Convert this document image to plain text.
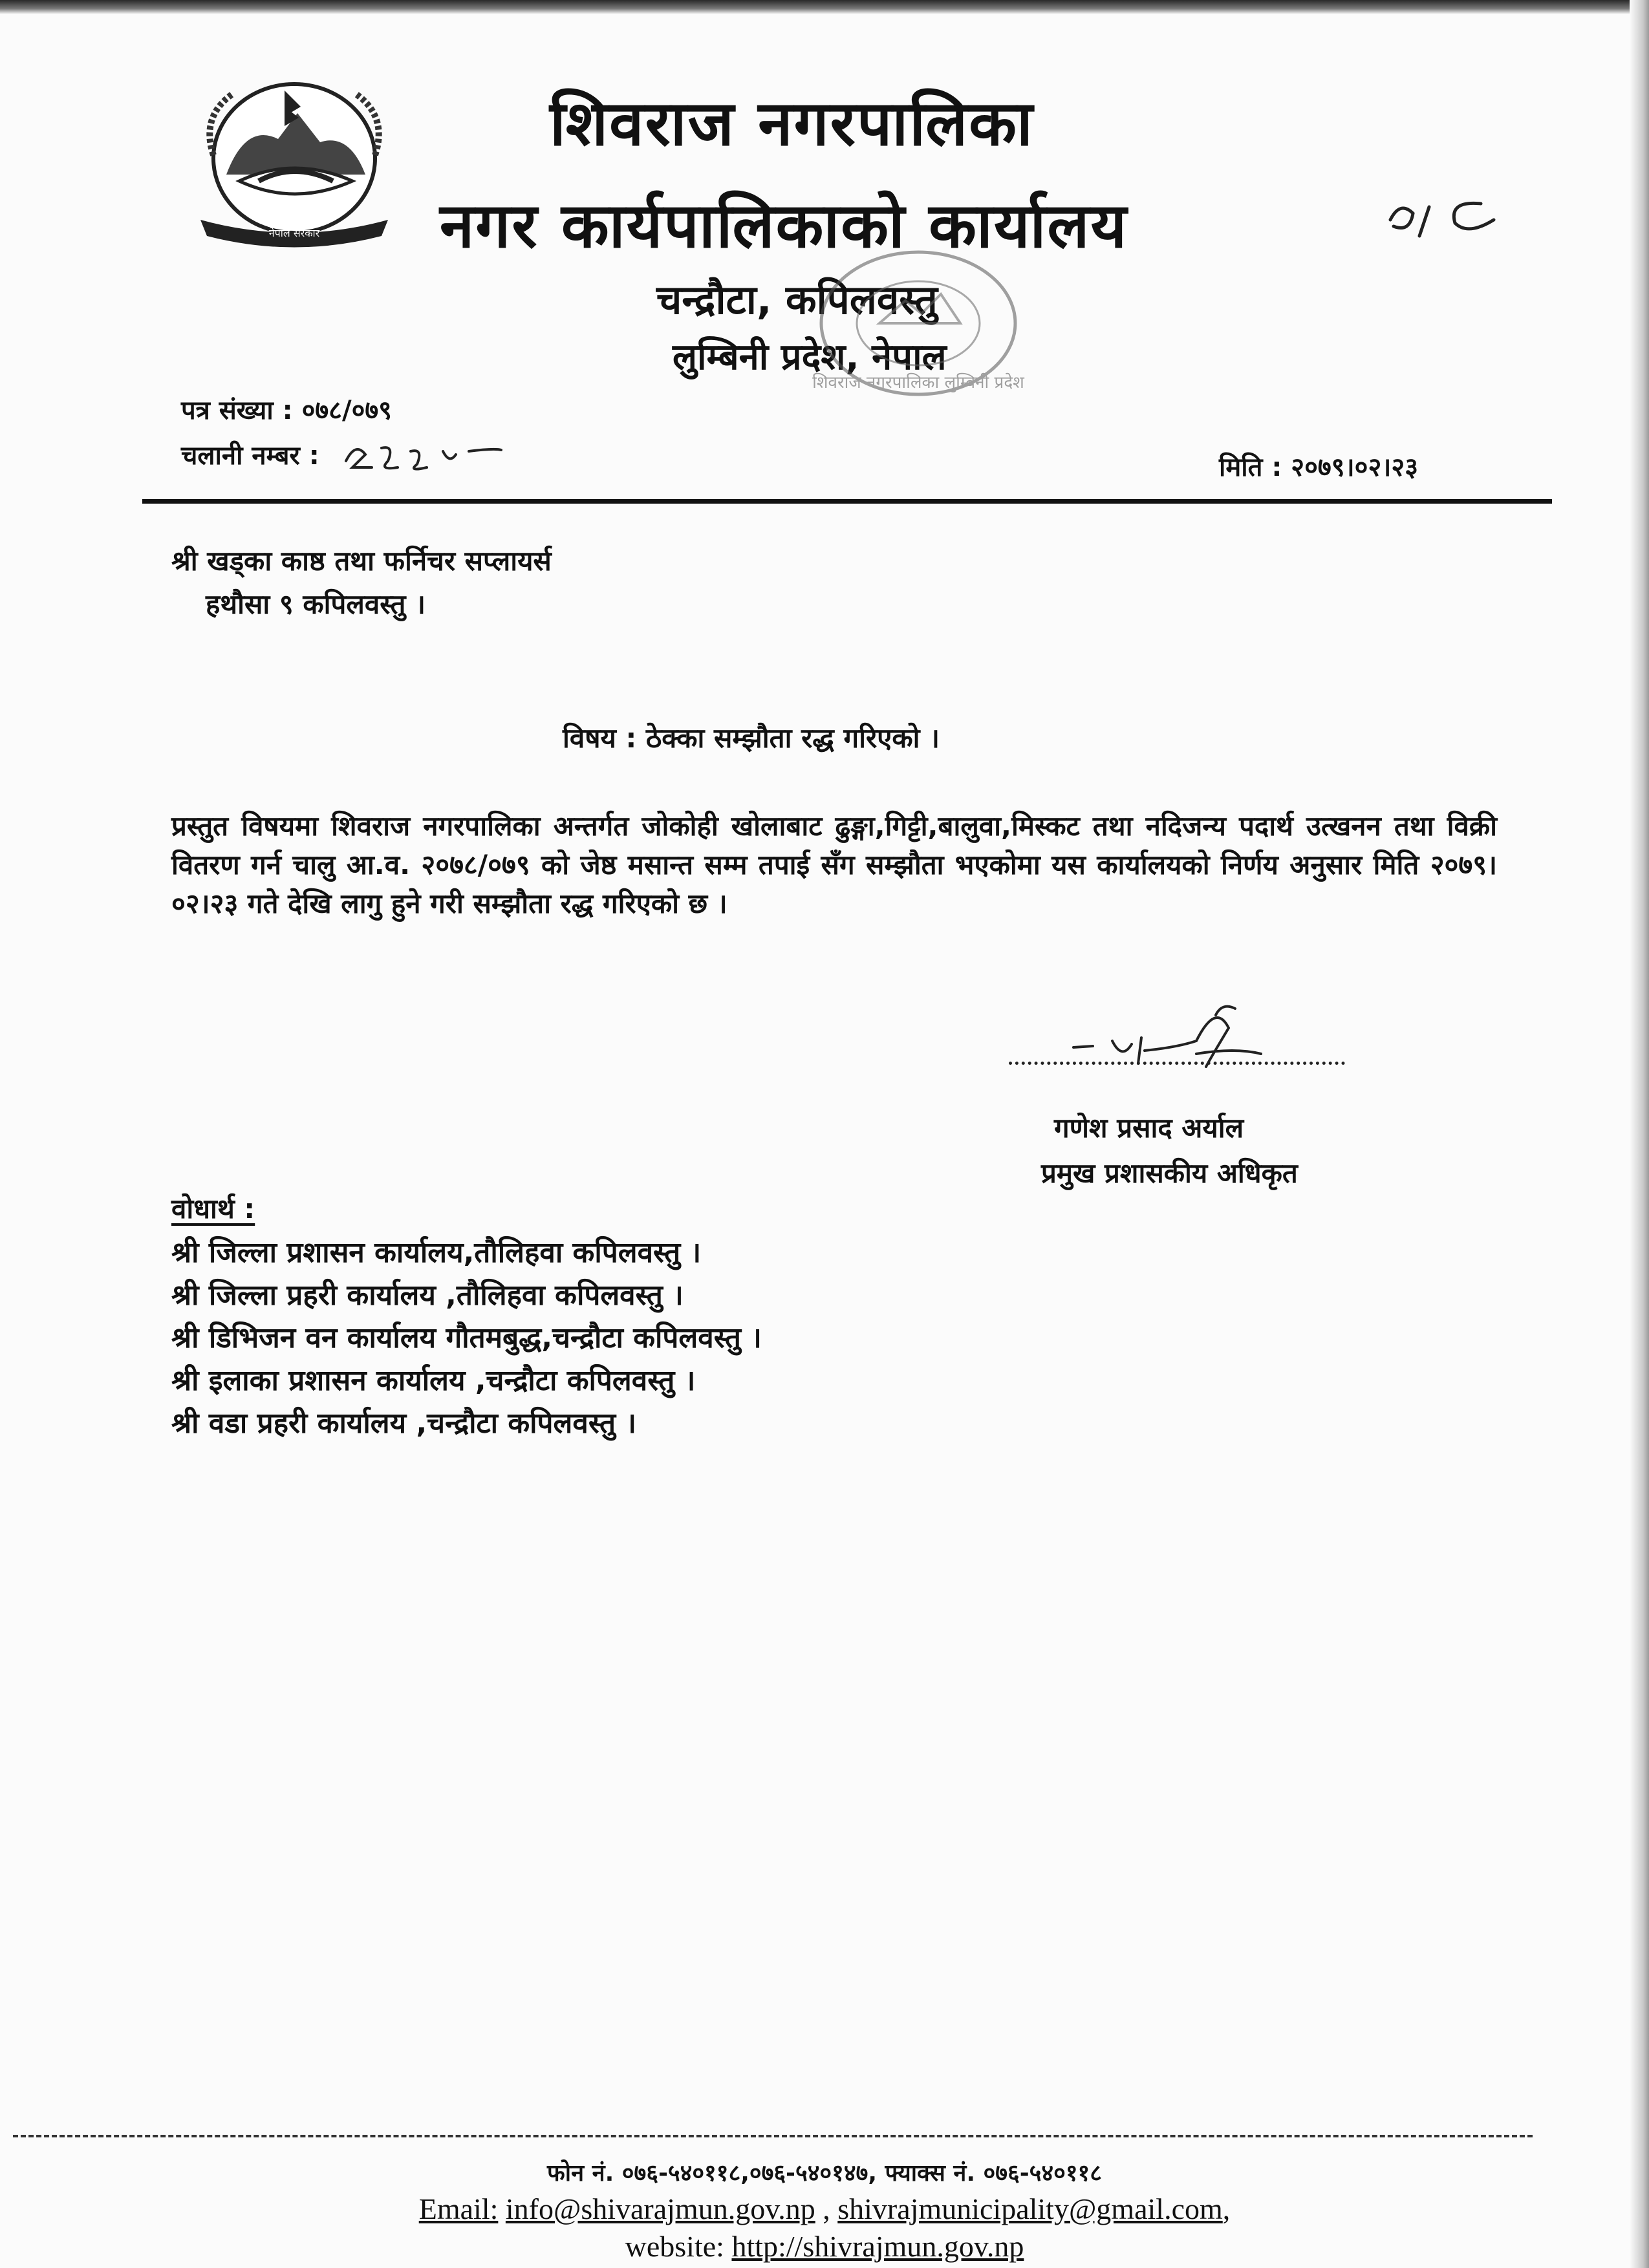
नेपाल सरकार
शिवराज नगरपालिका
नगर कार्यपालिकाको कार्यालय
चन्द्रौटा, कपिलवस्तु
लुम्बिनी प्रदेश, नेपाल
शिवराज नगरपालिका लुम्बिनी प्रदेश
०८
पत्र संख्या : ०७८/०७९
चलानी नम्बर :
२८३५
मिति : २०७९।०२।२३
श्री खड्का काष्ठ तथा फर्निचर सप्लायर्स
हथौसा ९ कपिलवस्तु ।
विषय : ठेक्का सम्झौता रद्ध गरिएको ।
प्रस्तुत विषयमा शिवराज नगरपालिका अन्तर्गत जोकोही खोलाबाट ढुङ्गा,गिट्टी,बालुवा,मिस्कट तथा नदिजन्य पदार्थ उत्खनन तथा विक्री वितरण गर्न चालु आ.व. २०७८/०७९ को जेष्ठ मसान्त सम्म तपाई सँग सम्झौता भएकोमा यस कार्यालयको निर्णय अनुसार मिति २०७९।०२।२३ गते देखि लागु हुने गरी सम्झौता रद्ध गरिएको छ ।
गणेश प्रसाद अर्याल
प्रमुख प्रशासकीय अधिकृत
वोधार्थ :
श्री जिल्ला प्रशासन कार्यालय,तौलिहवा कपिलवस्तु ।
श्री जिल्ला प्रहरी कार्यालय ,तौलिहवा कपिलवस्तु ।
श्री डिभिजन वन कार्यालय गौतमबुद्ध,चन्द्रौटा कपिलवस्तु ।
श्री इलाका प्रशासन कार्यालय ,चन्द्रौटा कपिलवस्तु ।
श्री वडा प्रहरी कार्यालय ,चन्द्रौटा कपिलवस्तु ।
फोन नं. ०७६-५४०११८,०७६-५४०१४७, फ्याक्स नं. ०७६-५४०११८
Email: info@shivarajmun.gov.np , shivrajmunicipality@gmail.com,
website: http://shivrajmun.gov.np
